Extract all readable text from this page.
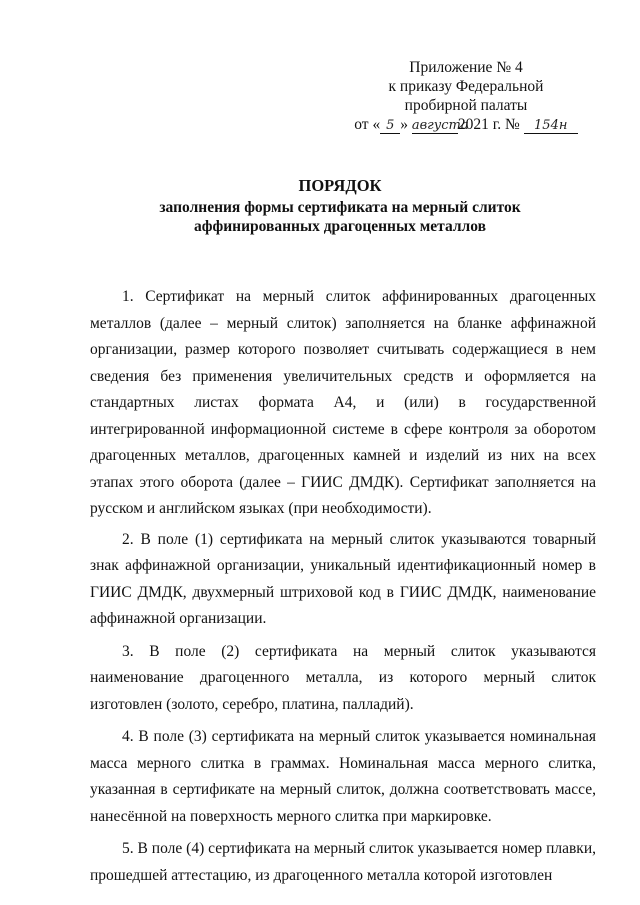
Приложение № 4
к приказу Федеральной
пробирной палаты
от « 5 » августа2021 г. № 154н
ПОРЯДОК
заполнения формы сертификата на мерный слиток
аффинированных драгоценных металлов

1. Сертификат на мерный слиток аффинированных драгоценных металлов (далее – мерный слиток) заполняется на бланке аффинажной организации, размер которого позволяет считывать содержащиеся в нем сведения без применения увеличительных средств и оформляется на стандартных листах формата А4, и (или) в государственной интегрированной информационной системе в сфере контроля за оборотом драгоценных металлов, драгоценных камней и изделий из них на всех этапах этого оборота (далее – ГИИС ДМДК). Сертификат заполняется на русском и английском языках (при необходимости).

2. В поле (1) сертификата на мерный слиток указываются товарный знак аффинажной организации, уникальный идентификационный номер в ГИИС ДМДК, двухмерный штриховой код в ГИИС ДМДК, наименование аффинажной организации.

3. В поле (2) сертификата на мерный слиток указываются наименование драгоценного металла, из которого мерный слиток изготовлен (золото, серебро, платина, палладий).

4. В поле (3) сертификата на мерный слиток указывается номинальная масса мерного слитка в граммах. Номинальная масса мерного слитка, указанная в сертификате на мерный слиток, должна соответствовать массе, нанесённой на поверхность мерного слитка при маркировке.

5. В поле (4) сертификата на мерный слиток указывается номер плавки, прошедшей аттестацию, из драгоценного металла которой изготовлен
